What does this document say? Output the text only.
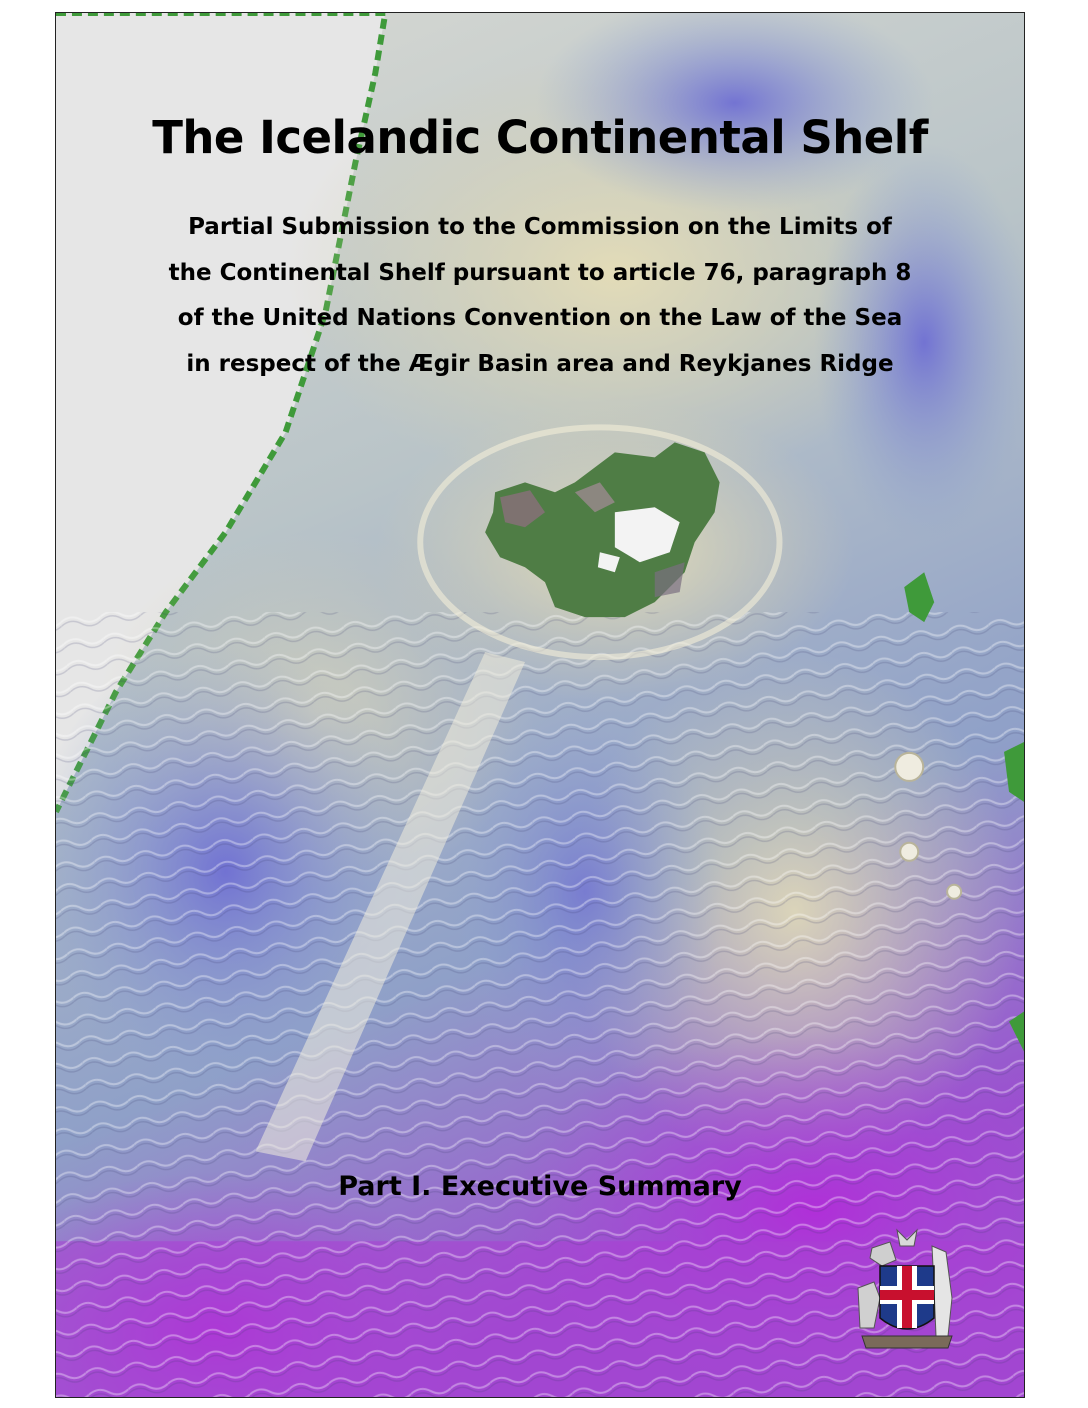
The Icelandic Continental Shelf
Partial Submission to the Commission on the Limits of
the Continental Shelf pursuant to article 76, paragraph 8
of the United Nations Convention on the Law of the Sea
in respect of the Ægir Basin area and Reykjanes Ridge
Part I. Executive Summary
